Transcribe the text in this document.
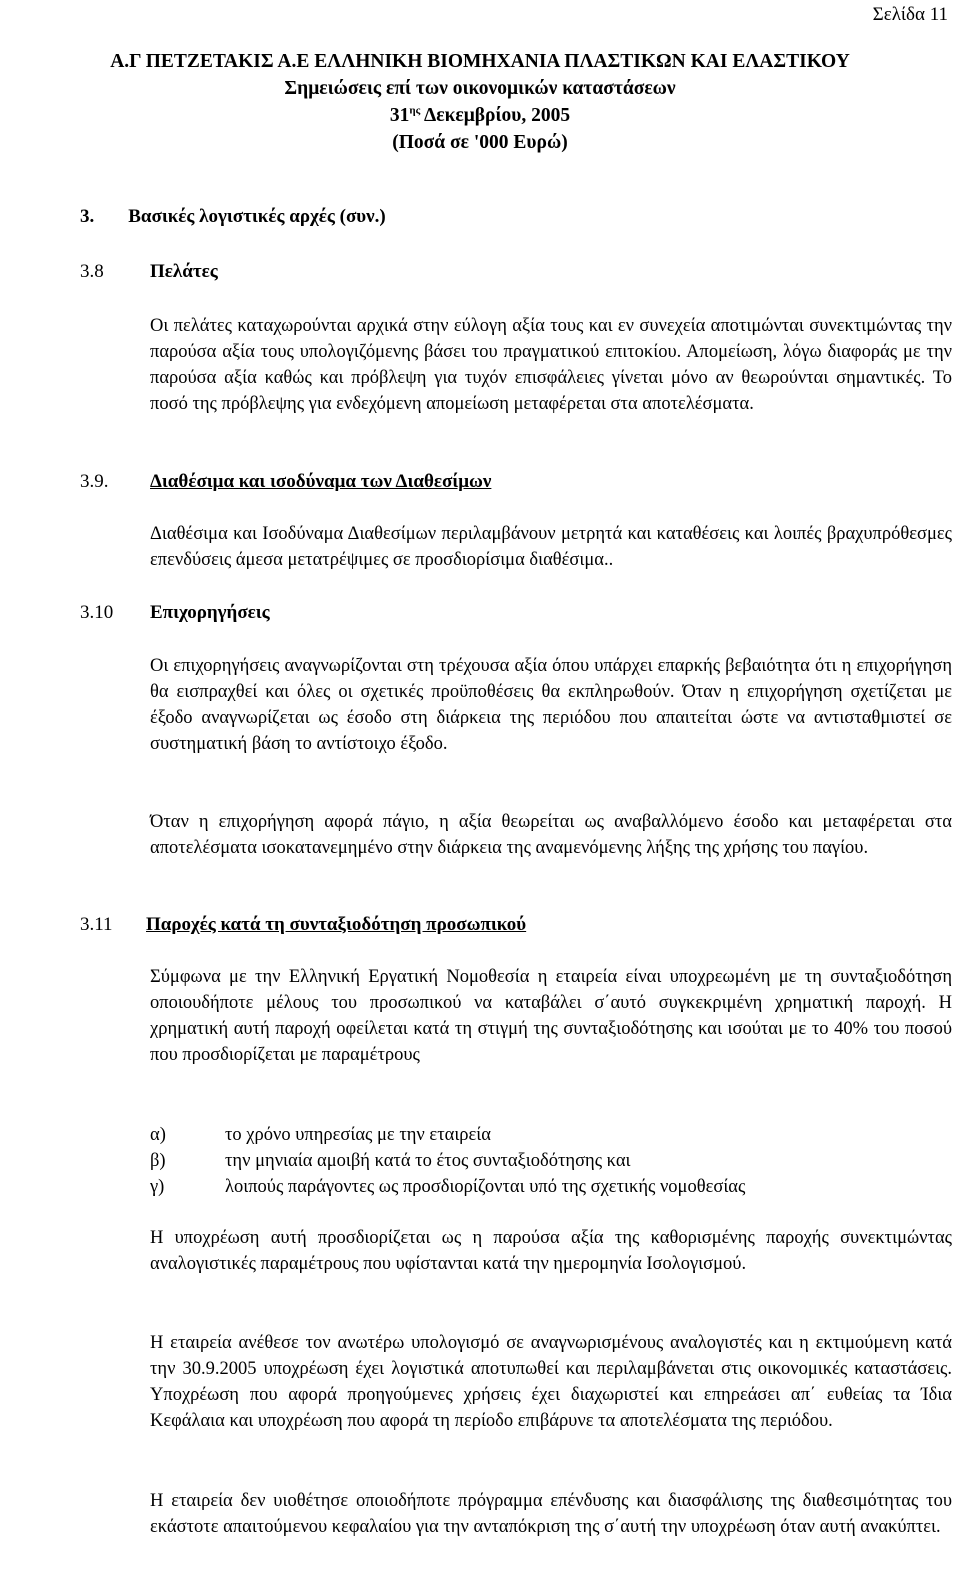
Σελίδα 11
Α.Γ ΠΕΤΖΕΤΑΚΙΣ Α.Ε ΕΛΛΗΝΙΚΗ ΒΙΟΜΗΧΑΝΙΑ ΠΛΑΣΤΙΚΩΝ ΚΑΙ ΕΛΑΣΤΙΚΟΥ
Σημειώσεις επί των οικονομικών καταστάσεων
$31^{\eta\varsigma}$ Δεκεμβρίου, 2005
(Ποσά σε '000 Ευρώ)
3. Βασικές λογιστικές αρχές (συν.)
3.8 Πελάτες
Οι πελάτες καταχωρούνται αρχικά στην εύλογη αξία τους και εν συνεχεία αποτιμώνται συνεκτιμώντας την παρούσα αξία τους υπολογιζόμενης βάσει του πραγματικού επιτοκίου. Απομείωση, λόγω διαφοράς με την παρούσα αξία καθώς και πρόβλεψη για τυχόν επισφάλειες γίνεται μόνο αν θεωρούνται σημαντικές. Το ποσό της πρόβλεψης για ενδεχόμενη απομείωση μεταφέρεται στα αποτελέσματα.
3.9. Διαθέσιμα και ισοδύναμα των Διαθεσίμων
Διαθέσιμα και Ισοδύναμα Διαθεσίμων περιλαμβάνουν μετρητά και καταθέσεις και λοιπές βραχυπρόθεσμες επενδύσεις άμεσα μετατρέψιμες σε προσδιορίσιμα διαθέσιμα..
3.10 Επιχορηγήσεις
Οι επιχορηγήσεις αναγνωρίζονται στη τρέχουσα αξία όπου υπάρχει επαρκής βεβαιότητα ότι η επιχορήγηση θα εισπραχθεί και όλες οι σχετικές προϋποθέσεις θα εκπληρωθούν. Όταν η επιχορήγηση σχετίζεται με έξοδο αναγνωρίζεται ως έσοδο στη διάρκεια της περιόδου που απαιτείται ώστε να αντισταθμιστεί σε συστηματική βάση το αντίστοιχο έξοδο.
Όταν η επιχορήγηση αφορά πάγιο, η αξία θεωρείται ως αναβαλλόμενο έσοδο και μεταφέρεται στα αποτελέσματα ισοκατανεμημένο στην διάρκεια της αναμενόμενης λήξης της χρήσης του παγίου.
3.11 Παροχές κατά τη συνταξιοδότηση προσωπικού
Σύμφωνα με την Ελληνική Εργατική Νομοθεσία η εταιρεία είναι υποχρεωμένη με τη συνταξιοδότηση οποιουδήποτε μέλους του προσωπικού να καταβάλει σ΄αυτό συγκεκριμένη χρηματική παροχή. Η χρηματική αυτή παροχή οφείλεται κατά τη στιγμή της συνταξιοδότησης και ισούται με το 40% του ποσού που προσδιορίζεται με παραμέτρους
α)	το χρόνο υπηρεσίας με την εταιρεία
β)	την μηνιαία αμοιβή κατά το έτος συνταξιοδότησης και
γ)	λοιπούς παράγοντες ως προσδιορίζονται υπό της σχετικής νομοθεσίας
Η υποχρέωση αυτή προσδιορίζεται ως η παρούσα αξία της καθορισμένης παροχής συνεκτιμώντας αναλογιστικές παραμέτρους που υφίστανται κατά την ημερομηνία Ισολογισμού.
Η εταιρεία ανέθεσε τον ανωτέρω υπολογισμό σε αναγνωρισμένους αναλογιστές και η εκτιμούμενη κατά την 30.9.2005 υποχρέωση έχει λογιστικά αποτυπωθεί και περιλαμβάνεται στις οικονομικές καταστάσεις. Υποχρέωση που αφορά προηγούμενες χρήσεις έχει διαχωριστεί και επηρεάσει απ΄ ευθείας τα Ίδια Κεφάλαια και υποχρέωση που αφορά τη περίοδο επιβάρυνε τα αποτελέσματα της περιόδου.
Η εταιρεία δεν υιοθέτησε οποιοδήποτε πρόγραμμα επένδυσης και διασφάλισης της διαθεσιμότητας του εκάστοτε απαιτούμενου κεφαλαίου για την ανταπόκριση της σ΄αυτή την υποχρέωση όταν αυτή ανακύπτει.
